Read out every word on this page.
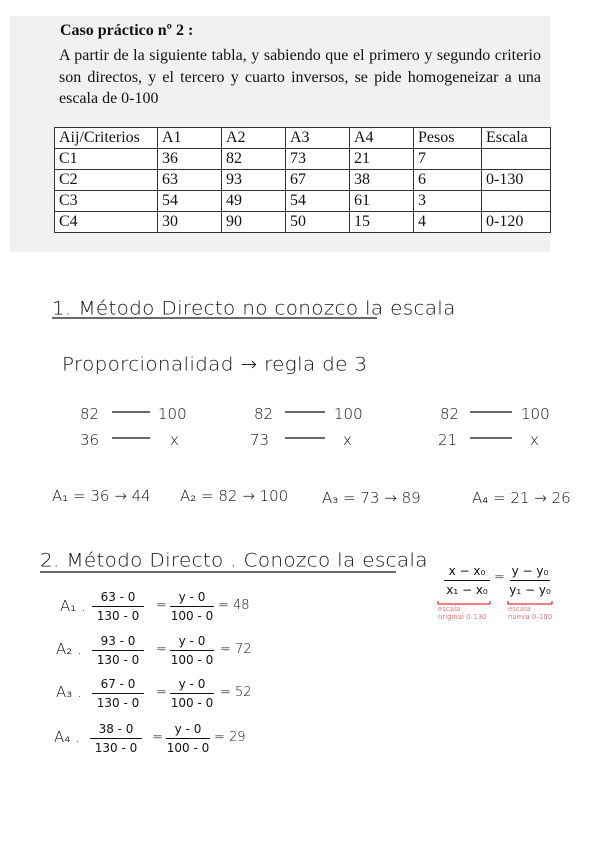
Caso práctico nº 2 :
A partir de la siguiente tabla, y sabiendo que el primero y segundo criterio son directos, y el tercero y cuarto inversos, se pide homogeneizar a una escala de 0-100
Aij/Criterios	A1	A2	A3	A4	Pesos	Escala
C1	36	82	73	21	7	
C2	63	93	67	38	6	0-130
C3	54	49	54	61	3	
C4	30	90	50	15	4	0-120
1. Método Directo no conozco la escala
Proporcionalidad → regla de 3
82	100
36	x
82	100
73	x
82	100
21	x
A₁ = 36 → 44 A₂ = 82 → 100 A₃ = 73 → 89	A₄ = 21 → 26
2. Método Directo . Conozco la escala x − x₀
x₁ − x₀
= y − y₀
y₁ − y₀
escala
original 0-130
escala
nueva 0-100
A₁ . 63 - 0
130 - 0
=
y - 0
100 - 0
= 48
A₂ . 93 - 0
130 - 0
=
y - 0
100 - 0
= 72
A₃ . 67 - 0
130 - 0
=
y - 0
100 - 0
= 52
A₄ . 38 - 0
130 - 0
=
y - 0
100 - 0
= 29
